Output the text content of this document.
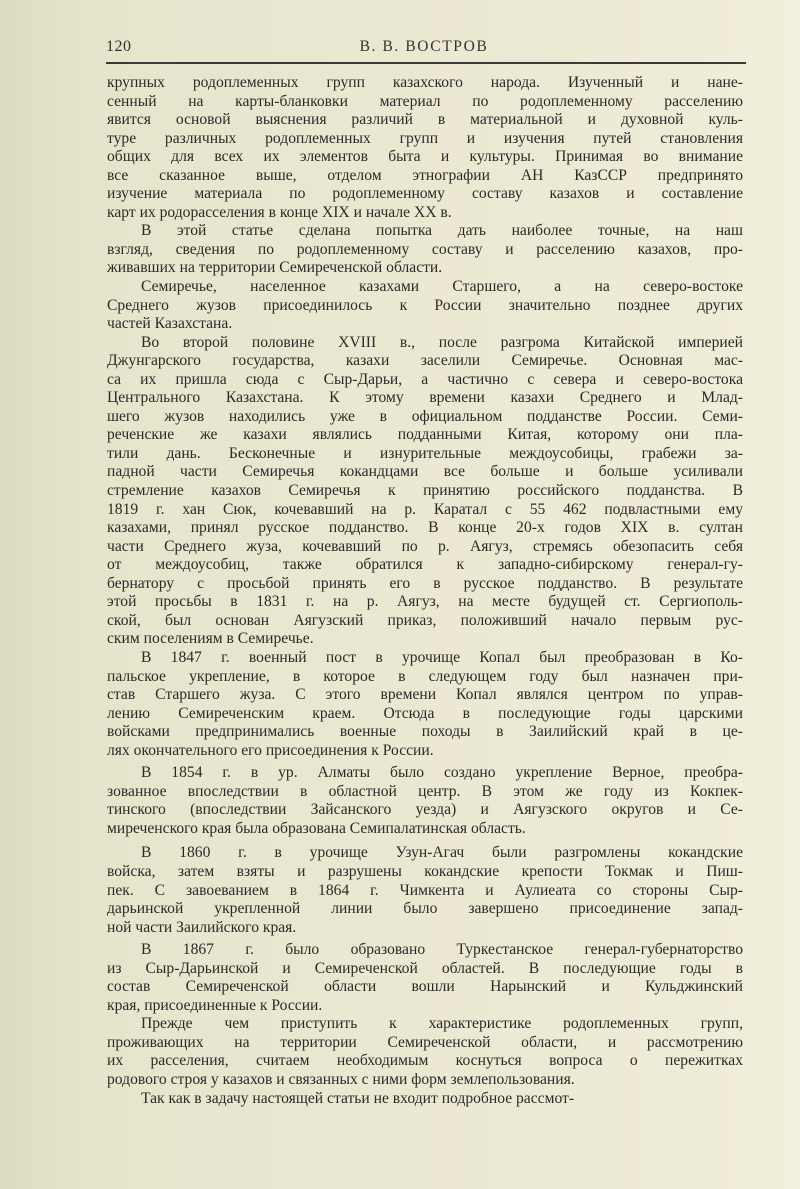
120	В. В. ВОСТРОВ
крупных родоплеменных групп казахского народа. Изученный и нане-
сенный на карты-бланковки материал по родоплеменному расселению
явится основой выяснения различий в материальной и духовной куль-
туре различных родоплеменных групп и изучения путей становления
общих для всех их элементов быта и культуры. Принимая во внимание
все сказанное выше, отделом этнографии АН КазССР предпринято
изучение материала по родоплеменному составу казахов и составление
карт их родорасселения в конце XIX и начале XX в.
В этой статье сделана попытка дать наиболее точные, на наш
взгляд, сведения по родоплеменному составу и расселению казахов, про-
живавших на территории Семиреченской области.
Семиречье, населенное казахами Старшего, а на северо-востоке
Среднего жузов присоединилось к России значительно позднее других
частей Казахстана.
Во второй половине XVIII в., после разгрома Китайской империей
Джунгарского государства, казахи заселили Семиречье. Основная мас-
са их пришла сюда с Сыр-Дарьи, а частично с севера и северо-востока
Центрального Казахстана. К этому времени казахи Среднего и Млад-
шего жузов находились уже в официальном подданстве России. Семи-
реченские же казахи являлись подданными Китая, которому они пла-
тили дань. Бесконечные и изнурительные междоусобицы, грабежи за-
падной части Семиречья кокандцами все больше и больше усиливали
стремление казахов Семиречья к принятию российского подданства. В
1819 г. хан Сюк, кочевавший на р. Каратал с 55 462 подвластными ему
казахами, принял русское подданство. В конце 20-х годов XIX в. султан
части Среднего жуза, кочевавший по р. Аягуз, стремясь обезопасить себя
от междоусобиц, также обратился к западно-сибирскому генерал-гу-
бернатору с просьбой принять его в русское подданство. В результате
этой просьбы в 1831 г. на р. Аягуз, на месте будущей ст. Сергиополь-
ской, был основан Аягузский приказ, положивший начало первым рус-
ским поселениям в Семиречье.
В 1847 г. военный пост в урочище Копал был преобразован в Ко-
пальское укрепление, в которое в следующем году был назначен при-
став Старшего жуза. С этого времени Копал являлся центром по управ-
лению Семиреченским краем. Отсюда в последующие годы царскими
войсками предпринимались военные походы в Заилийский край в це-
лях окончательного его присоединения к России.
В 1854 г. в ур. Алматы было создано укрепление Верное, преобра-
зованное впоследствии в областной центр. В этом же году из Кокпек-
тинского (впоследствии Зайсанского уезда) и Аягузского округов и Се-
миреченского края была образована Семипалатинская область.
В 1860 г. в урочище Узун-Агач были разгромлены кокандские
войска, затем взяты и разрушены кокандские крепости Токмак и Пиш-
пек. С завоеванием в 1864 г. Чимкента и Аулиеата со стороны Сыр-
дарьинской укрепленной линии было завершено присоединение запад-
ной части Заилийского края.
В 1867 г. было образовано Туркестанское генерал-губернаторство
из Сыр-Дарьинской и Семиреченской областей. В последующие годы в
состав Семиреченской области вошли Нарынский и Кульджинский
края, присоединенные к России.
Прежде чем приступить к характеристике родоплеменных групп,
проживающих на территории Семиреченской области, и рассмотрению
их расселения, считаем необходимым коснуться вопроса о пережитках
родового строя у казахов и связанных с ними форм землепользования.
Так как в задачу настоящей статьи не входит подробное рассмот-
